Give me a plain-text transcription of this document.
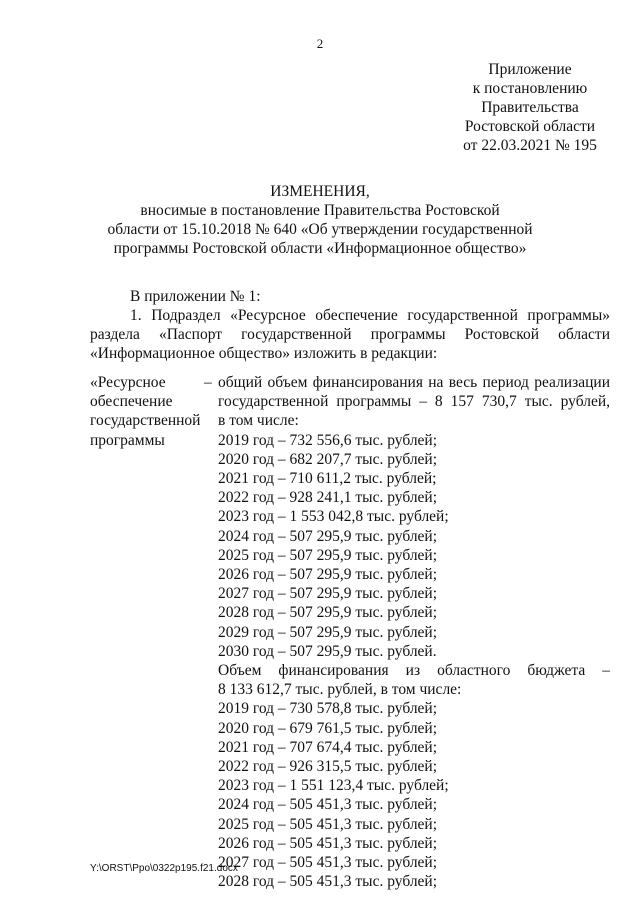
2
Приложение
к постановлению
Правительства
Ростовской области
от 22.03.2021 № 195
ИЗМЕНЕНИЯ,
вносимые в постановление Правительства Ростовской
области от 15.10.2018 № 640 «Об утверждении государственной
программы Ростовской области «Информационное общество»

В приложении № 1:

1. Подраздел «Ресурсное обеспечение государственной программы»

раздела «Паспорт государственной программы Ростовской области

«Информационное общество» изложить в редакции:

«Ресурсное

обеспечение

государственной

программы

– общий объем финансирования на весь период реализации

государственной программы – 8 157 730,7 тыс. рублей,

в том числе:

2019 год – 732 556,6 тыс. рублей;

2020 год – 682 207,7 тыс. рублей;

2021 год – 710 611,2 тыс. рублей;

2022 год – 928 241,1 тыс. рублей;

2023 год – 1 553 042,8 тыс. рублей;

2024 год – 507 295,9 тыс. рублей;

2025 год – 507 295,9 тыс. рублей;

2026 год – 507 295,9 тыс. рублей;

2027 год – 507 295,9 тыс. рублей;

2028 год – 507 295,9 тыс. рублей;

2029 год – 507 295,9 тыс. рублей;

2030 год – 507 295,9 тыс. рублей.

Объем финансирования из областного бюджета –

8 133 612,7 тыс. рублей, в том числе:

2019 год – 730 578,8 тыс. рублей;

2020 год – 679 761,5 тыс. рублей;

2021 год – 707 674,4 тыс. рублей;

2022 год – 926 315,5 тыс. рублей;

2023 год – 1 551 123,4 тыс. рублей;

2024 год – 505 451,3 тыс. рублей;

2025 год – 505 451,3 тыс. рублей;

2026 год – 505 451,3 тыс. рублей;

2027 год – 505 451,3 тыс. рублей;

2028 год – 505 451,3 тыс. рублей;

Y:\ORST\Ppo\0322p195.f21.docx
